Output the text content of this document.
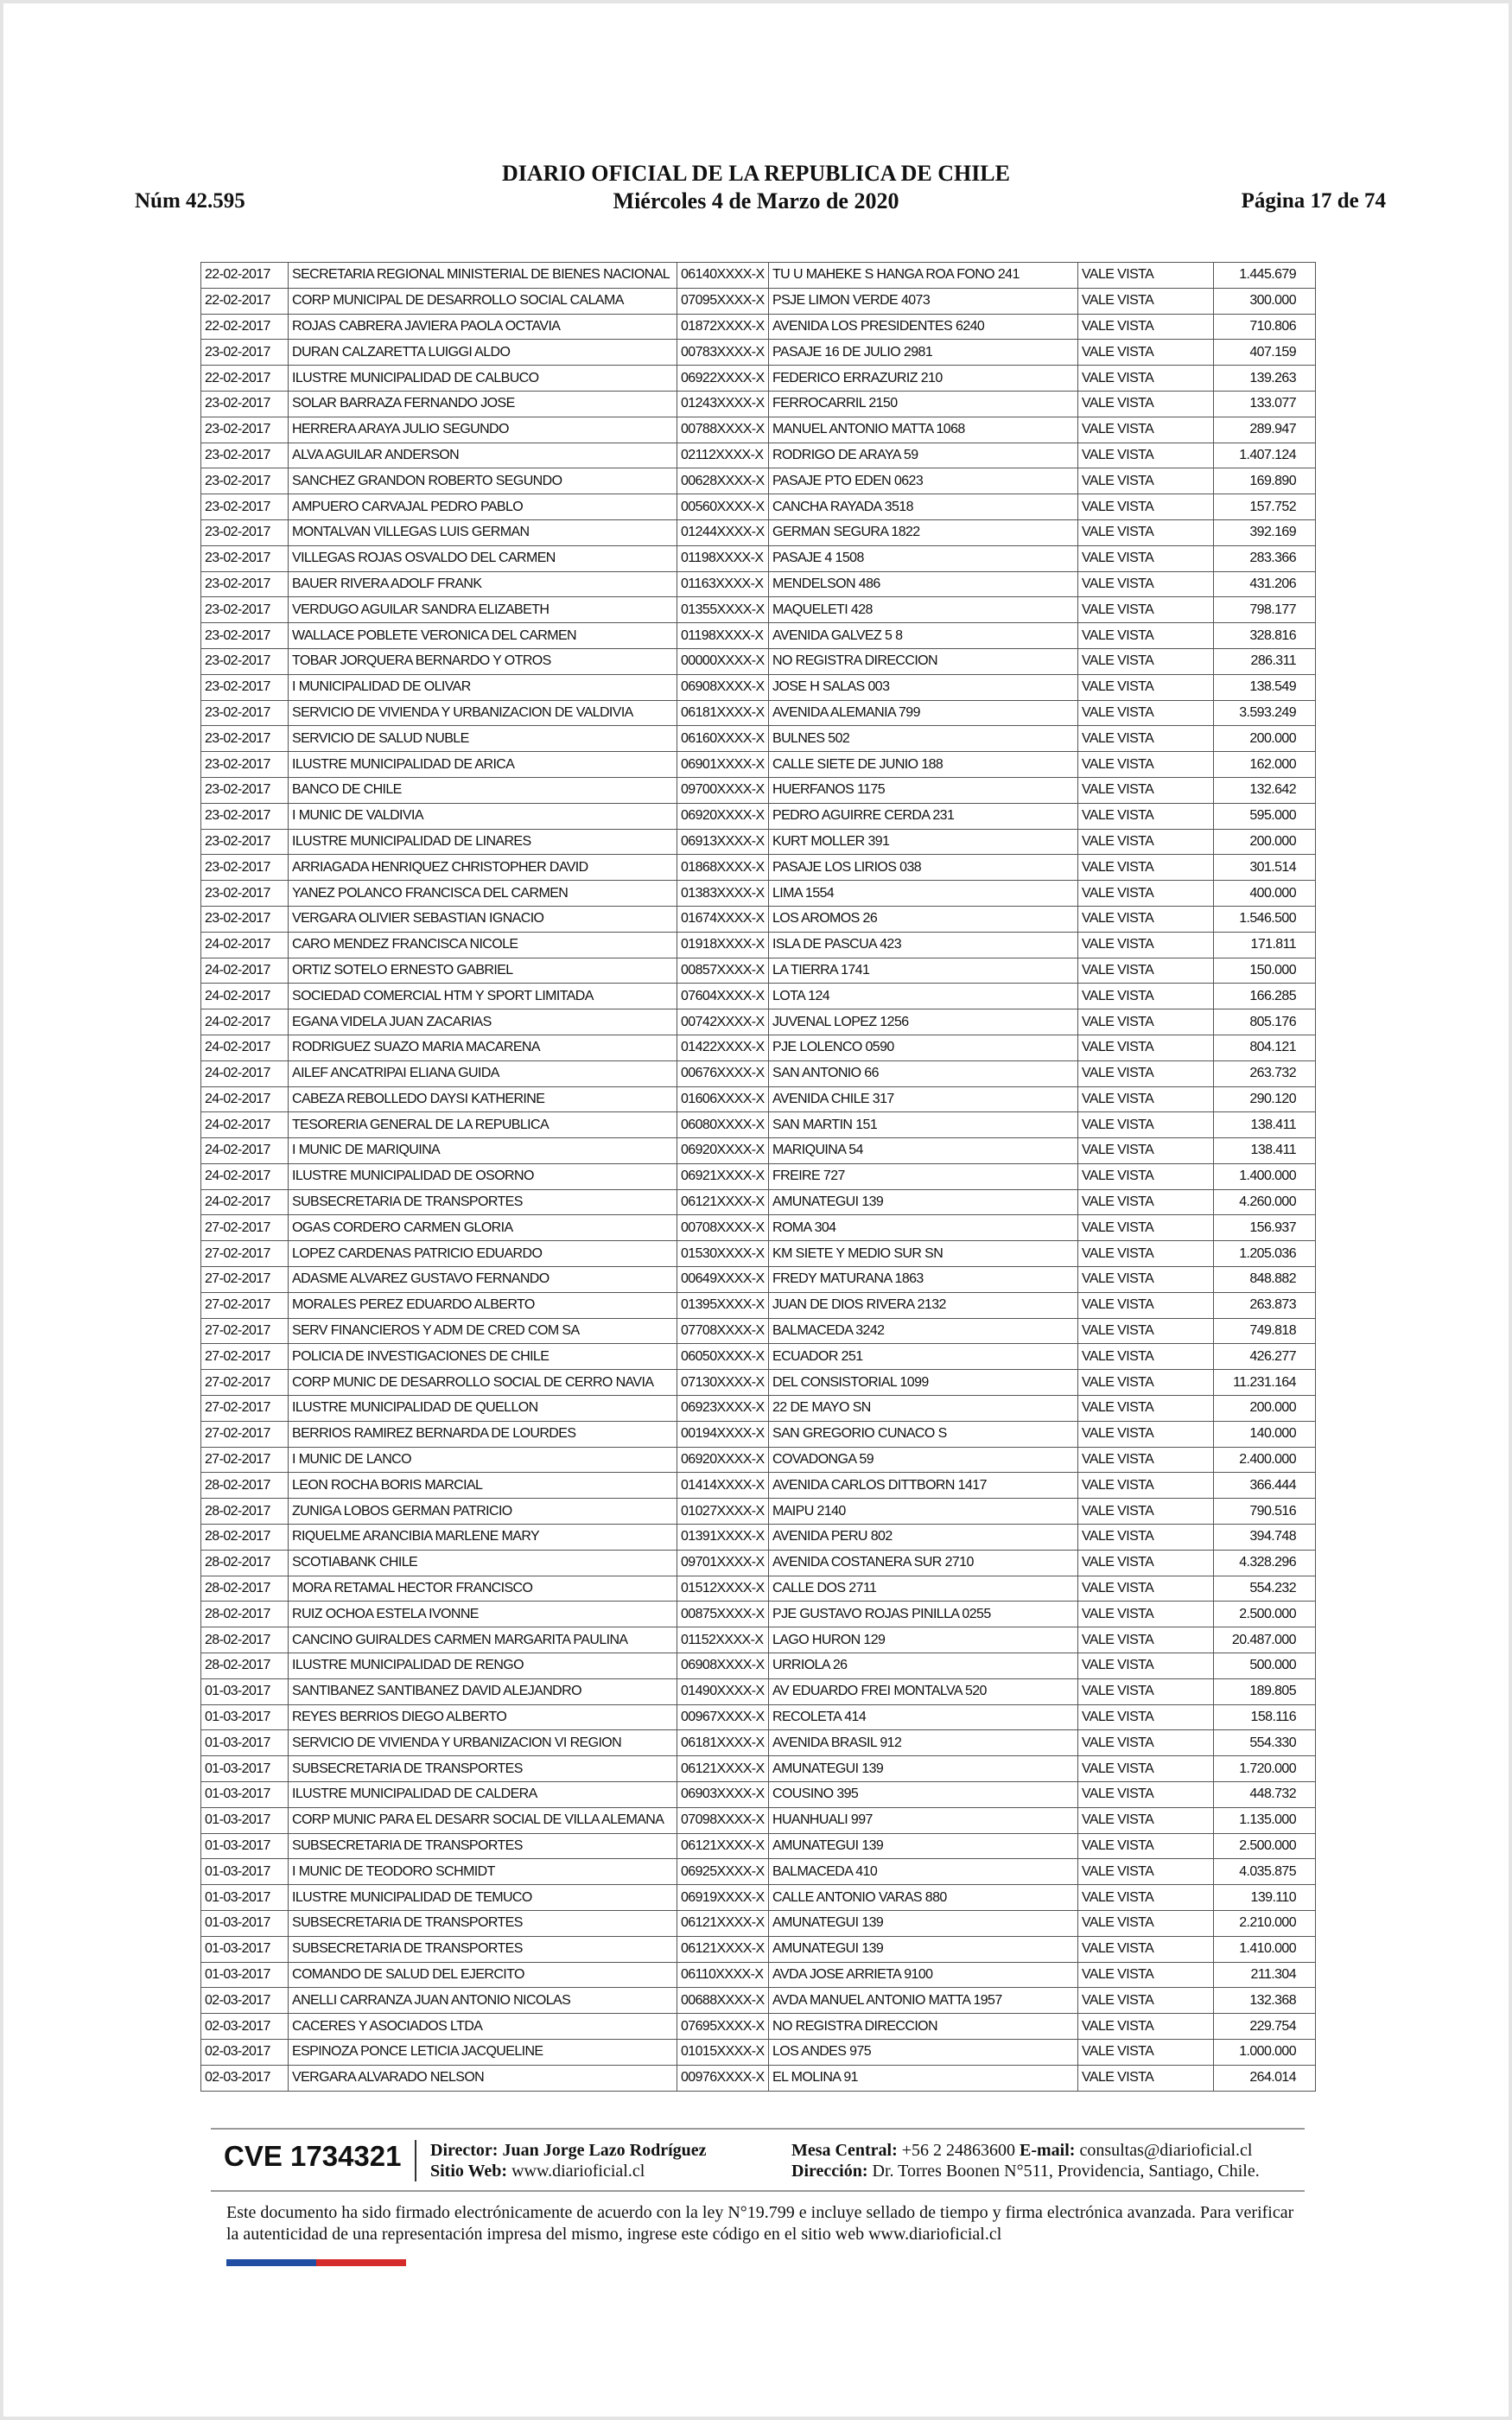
Núm 42.595
DIARIO OFICIAL DE LA REPUBLICA DE CHILE
Miércoles 4 de Marzo de 2020	Página 17 de 74
22-02-2017	SECRETARIA REGIONAL MINISTERIAL DE BIENES NACIONAL	06140XXXX-X	TU U MAHEKE S HANGA ROA FONO 241	VALE VISTA	1.445.679
22-02-2017	CORP MUNICIPAL DE DESARROLLO SOCIAL CALAMA	07095XXXX-X	PSJE LIMON VERDE 4073	VALE VISTA	300.000
22-02-2017	ROJAS CABRERA JAVIERA PAOLA OCTAVIA	01872XXXX-X	AVENIDA LOS PRESIDENTES 6240	VALE VISTA	710.806
23-02-2017	DURAN CALZARETTA LUIGGI ALDO	00783XXXX-X	PASAJE 16 DE JULIO 2981	VALE VISTA	407.159
22-02-2017	ILUSTRE MUNICIPALIDAD DE CALBUCO	06922XXXX-X	FEDERICO ERRAZURIZ 210	VALE VISTA	139.263
23-02-2017	SOLAR BARRAZA FERNANDO JOSE	01243XXXX-X	FERROCARRIL 2150	VALE VISTA	133.077
23-02-2017	HERRERA ARAYA JULIO SEGUNDO	00788XXXX-X	MANUEL ANTONIO MATTA 1068	VALE VISTA	289.947
23-02-2017	ALVA AGUILAR ANDERSON	02112XXXX-X	RODRIGO DE ARAYA 59	VALE VISTA	1.407.124
23-02-2017	SANCHEZ GRANDON ROBERTO SEGUNDO	00628XXXX-X	PASAJE PTO EDEN 0623	VALE VISTA	169.890
23-02-2017	AMPUERO CARVAJAL PEDRO PABLO	00560XXXX-X	CANCHA RAYADA 3518	VALE VISTA	157.752
23-02-2017	MONTALVAN VILLEGAS LUIS GERMAN	01244XXXX-X	GERMAN SEGURA 1822	VALE VISTA	392.169
23-02-2017	VILLEGAS ROJAS OSVALDO DEL CARMEN	01198XXXX-X	PASAJE 4 1508	VALE VISTA	283.366
23-02-2017	BAUER RIVERA ADOLF FRANK	01163XXXX-X	MENDELSON 486	VALE VISTA	431.206
23-02-2017	VERDUGO AGUILAR SANDRA ELIZABETH	01355XXXX-X	MAQUELETI 428	VALE VISTA	798.177
23-02-2017	WALLACE POBLETE VERONICA DEL CARMEN	01198XXXX-X	AVENIDA GALVEZ 5 8	VALE VISTA	328.816
23-02-2017	TOBAR JORQUERA BERNARDO Y OTROS	00000XXXX-X	NO REGISTRA DIRECCION	VALE VISTA	286.311
23-02-2017	I MUNICIPALIDAD DE OLIVAR	06908XXXX-X	JOSE H SALAS 003	VALE VISTA	138.549
23-02-2017	SERVICIO DE VIVIENDA Y URBANIZACION DE VALDIVIA	06181XXXX-X	AVENIDA ALEMANIA 799	VALE VISTA	3.593.249
23-02-2017	SERVICIO DE SALUD NUBLE	06160XXXX-X	BULNES 502	VALE VISTA	200.000
23-02-2017	ILUSTRE MUNICIPALIDAD DE ARICA	06901XXXX-X	CALLE SIETE DE JUNIO 188	VALE VISTA	162.000
23-02-2017	BANCO DE CHILE	09700XXXX-X	HUERFANOS 1175	VALE VISTA	132.642
23-02-2017	I MUNIC DE VALDIVIA	06920XXXX-X	PEDRO AGUIRRE CERDA 231	VALE VISTA	595.000
23-02-2017	ILUSTRE MUNICIPALIDAD DE LINARES	06913XXXX-X	KURT MOLLER 391	VALE VISTA	200.000
23-02-2017	ARRIAGADA HENRIQUEZ CHRISTOPHER DAVID	01868XXXX-X	PASAJE LOS LIRIOS 038	VALE VISTA	301.514
23-02-2017	YANEZ POLANCO FRANCISCA DEL CARMEN	01383XXXX-X	LIMA 1554	VALE VISTA	400.000
23-02-2017	VERGARA OLIVIER SEBASTIAN IGNACIO	01674XXXX-X	LOS AROMOS 26	VALE VISTA	1.546.500
24-02-2017	CARO MENDEZ FRANCISCA NICOLE	01918XXXX-X	ISLA DE PASCUA 423	VALE VISTA	171.811
24-02-2017	ORTIZ SOTELO ERNESTO GABRIEL	00857XXXX-X	LA TIERRA 1741	VALE VISTA	150.000
24-02-2017	SOCIEDAD COMERCIAL HTM Y SPORT LIMITADA	07604XXXX-X	LOTA 124	VALE VISTA	166.285
24-02-2017	EGANA VIDELA JUAN ZACARIAS	00742XXXX-X	JUVENAL LOPEZ 1256	VALE VISTA	805.176
24-02-2017	RODRIGUEZ SUAZO MARIA MACARENA	01422XXXX-X	PJE LOLENCO 0590	VALE VISTA	804.121
24-02-2017	AILEF ANCATRIPAI ELIANA GUIDA	00676XXXX-X	SAN ANTONIO 66	VALE VISTA	263.732
24-02-2017	CABEZA REBOLLEDO DAYSI KATHERINE	01606XXXX-X	AVENIDA CHILE 317	VALE VISTA	290.120
24-02-2017	TESORERIA GENERAL DE LA REPUBLICA	06080XXXX-X	SAN MARTIN 151	VALE VISTA	138.411
24-02-2017	I MUNIC DE MARIQUINA	06920XXXX-X	MARIQUINA 54	VALE VISTA	138.411
24-02-2017	ILUSTRE MUNICIPALIDAD DE OSORNO	06921XXXX-X	FREIRE 727	VALE VISTA	1.400.000
24-02-2017	SUBSECRETARIA DE TRANSPORTES	06121XXXX-X	AMUNATEGUI 139	VALE VISTA	4.260.000
27-02-2017	OGAS CORDERO CARMEN GLORIA	00708XXXX-X	ROMA 304	VALE VISTA	156.937
27-02-2017	LOPEZ CARDENAS PATRICIO EDUARDO	01530XXXX-X	KM SIETE Y MEDIO SUR SN	VALE VISTA	1.205.036
27-02-2017	ADASME ALVAREZ GUSTAVO FERNANDO	00649XXXX-X	FREDY MATURANA 1863	VALE VISTA	848.882
27-02-2017	MORALES PEREZ EDUARDO ALBERTO	01395XXXX-X	JUAN DE DIOS RIVERA 2132	VALE VISTA	263.873
27-02-2017	SERV FINANCIEROS Y ADM DE CRED COM SA	07708XXXX-X	BALMACEDA 3242	VALE VISTA	749.818
27-02-2017	POLICIA DE INVESTIGACIONES DE CHILE	06050XXXX-X	ECUADOR 251	VALE VISTA	426.277
27-02-2017	CORP MUNIC DE DESARROLLO SOCIAL DE CERRO NAVIA	07130XXXX-X	DEL CONSISTORIAL 1099	VALE VISTA	11.231.164
27-02-2017	ILUSTRE MUNICIPALIDAD DE QUELLON	06923XXXX-X	22 DE MAYO SN	VALE VISTA	200.000
27-02-2017	BERRIOS RAMIREZ BERNARDA DE LOURDES	00194XXXX-X	SAN GREGORIO CUNACO S	VALE VISTA	140.000
27-02-2017	I MUNIC DE LANCO	06920XXXX-X	COVADONGA 59	VALE VISTA	2.400.000
28-02-2017	LEON ROCHA BORIS MARCIAL	01414XXXX-X	AVENIDA CARLOS DITTBORN 1417	VALE VISTA	366.444
28-02-2017	ZUNIGA LOBOS GERMAN PATRICIO	01027XXXX-X	MAIPU 2140	VALE VISTA	790.516
28-02-2017	RIQUELME ARANCIBIA MARLENE MARY	01391XXXX-X	AVENIDA PERU 802	VALE VISTA	394.748
28-02-2017	SCOTIABANK CHILE	09701XXXX-X	AVENIDA COSTANERA SUR 2710	VALE VISTA	4.328.296
28-02-2017	MORA RETAMAL HECTOR FRANCISCO	01512XXXX-X	CALLE DOS 2711	VALE VISTA	554.232
28-02-2017	RUIZ OCHOA ESTELA IVONNE	00875XXXX-X	PJE GUSTAVO ROJAS PINILLA 0255	VALE VISTA	2.500.000
28-02-2017	CANCINO GUIRALDES CARMEN MARGARITA PAULINA	01152XXXX-X	LAGO HURON 129	VALE VISTA	20.487.000
28-02-2017	ILUSTRE MUNICIPALIDAD DE RENGO	06908XXXX-X	URRIOLA 26	VALE VISTA	500.000
01-03-2017	SANTIBANEZ SANTIBANEZ DAVID ALEJANDRO	01490XXXX-X	AV EDUARDO FREI MONTALVA 520	VALE VISTA	189.805
01-03-2017	REYES BERRIOS DIEGO ALBERTO	00967XXXX-X	RECOLETA 414	VALE VISTA	158.116
01-03-2017	SERVICIO DE VIVIENDA Y URBANIZACION VI REGION	06181XXXX-X	AVENIDA BRASIL 912	VALE VISTA	554.330
01-03-2017	SUBSECRETARIA DE TRANSPORTES	06121XXXX-X	AMUNATEGUI 139	VALE VISTA	1.720.000
01-03-2017	ILUSTRE MUNICIPALIDAD DE CALDERA	06903XXXX-X	COUSINO 395	VALE VISTA	448.732
01-03-2017	CORP MUNIC PARA EL DESARR SOCIAL DE VILLA ALEMANA	07098XXXX-X	HUANHUALI 997	VALE VISTA	1.135.000
01-03-2017	SUBSECRETARIA DE TRANSPORTES	06121XXXX-X	AMUNATEGUI 139	VALE VISTA	2.500.000
01-03-2017	I MUNIC DE TEODORO SCHMIDT	06925XXXX-X	BALMACEDA 410	VALE VISTA	4.035.875
01-03-2017	ILUSTRE MUNICIPALIDAD DE TEMUCO	06919XXXX-X	CALLE ANTONIO VARAS 880	VALE VISTA	139.110
01-03-2017	SUBSECRETARIA DE TRANSPORTES	06121XXXX-X	AMUNATEGUI 139	VALE VISTA	2.210.000
01-03-2017	SUBSECRETARIA DE TRANSPORTES	06121XXXX-X	AMUNATEGUI 139	VALE VISTA	1.410.000
01-03-2017	COMANDO DE SALUD DEL EJERCITO	06110XXXX-X	AVDA JOSE ARRIETA 9100	VALE VISTA	211.304
02-03-2017	ANELLI CARRANZA JUAN ANTONIO NICOLAS	00688XXXX-X	AVDA MANUEL ANTONIO MATTA 1957	VALE VISTA	132.368
02-03-2017	CACERES Y ASOCIADOS LTDA	07695XXXX-X	NO REGISTRA DIRECCION	VALE VISTA	229.754
02-03-2017	ESPINOZA PONCE LETICIA JACQUELINE	01015XXXX-X	LOS ANDES 975	VALE VISTA	1.000.000
02-03-2017	VERGARA ALVARADO NELSON	00976XXXX-X	EL MOLINA 91	VALE VISTA	264.014
CVE 1734321 Director: Juan Jorge Lazo Rodríguez
Sitio Web: www.diarioficial.cl
Mesa Central: +56 2 24863600 E-mail: consultas@diarioficial.cl
Dirección: Dr. Torres Boonen N°511, Providencia, Santiago, Chile.
Este documento ha sido firmado electrónicamente de acuerdo con la ley N°19.799 e incluye sellado de tiempo y firma electrónica avanzada. Para verificar la autenticidad de una representación impresa del mismo, ingrese este código en el sitio web www.diarioficial.cl
